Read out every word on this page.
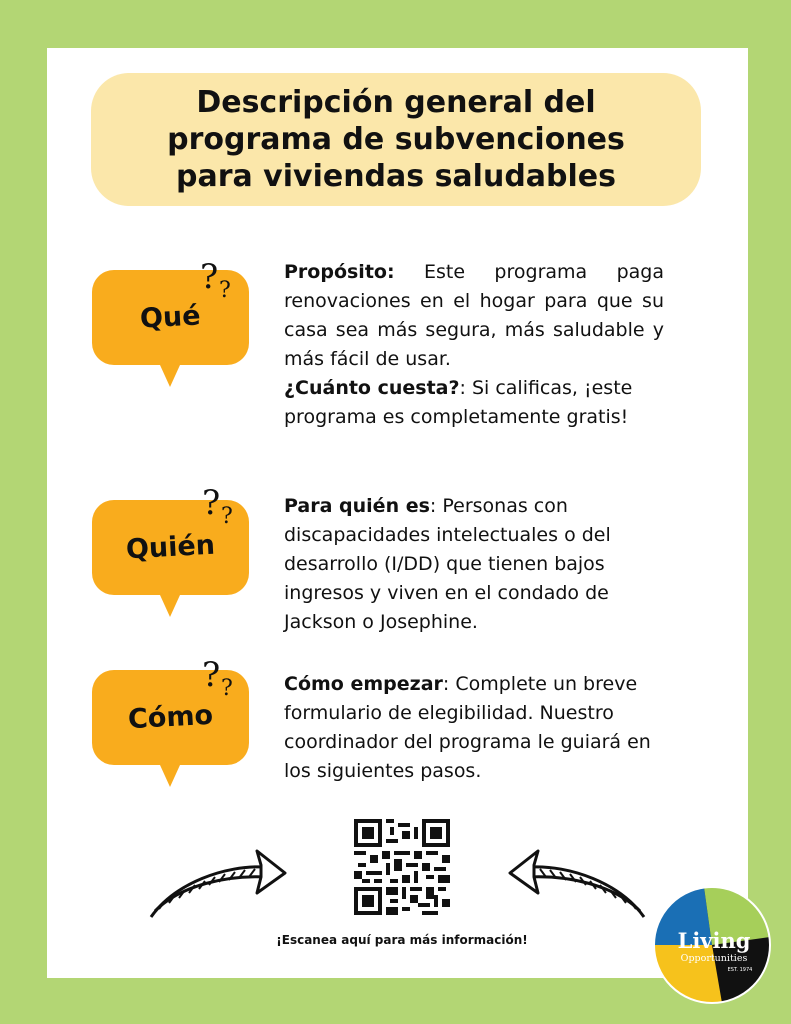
Descripción general del
programa de subvenciones
para viviendas saludables
Qué
? ?
Quién
? ?
Cómo
? ?
Propósito: Este programa paga renovaciones en el hogar para que su casa sea más segura, más saludable y más fácil de usar.
¿Cuánto cuesta?: Si calificas, ¡este programa es completamente gratis!
Para quién es: Personas con discapacidades intelectuales o del desarrollo (I/DD) que tienen bajos ingresos y viven en el condado de Jackson o Josephine.
Cómo empezar: Complete un breve formulario de elegibilidad. Nuestro coordinador del programa le guiará en los siguientes pasos.
¡Escanea aquí para más información!	Living
Opportunities
EST. 1974
